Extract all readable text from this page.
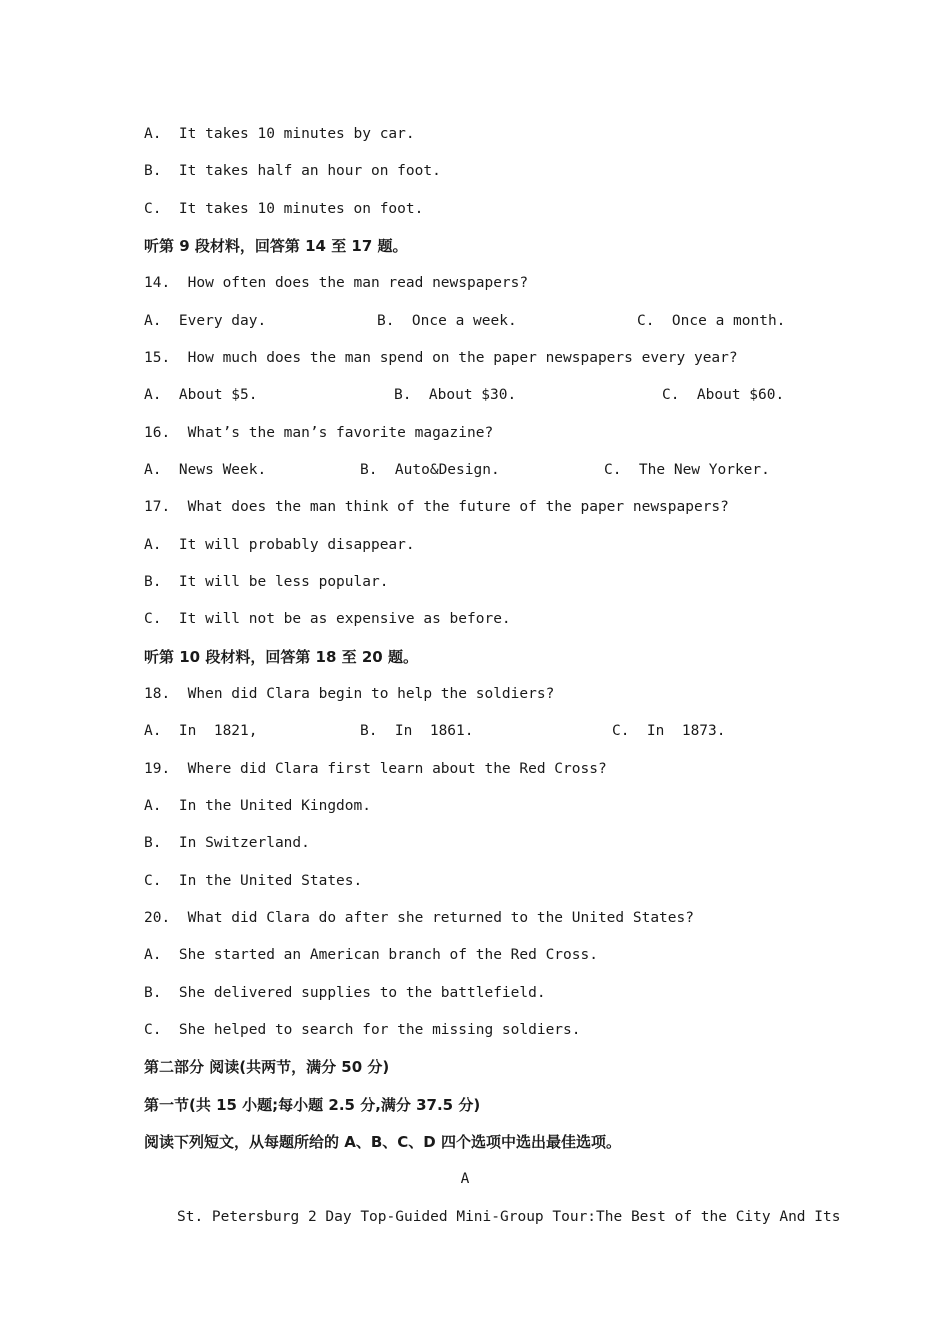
A.  It takes 10 minutes by car.
B.  It takes half an hour on foot.
C.  It takes 10 minutes on foot.
听第 9 段材料，回答第 14 至 17 题。
14.  How often does the man read newspapers?
A.  Every day.	B.  Once a week.	C.  Once a month.
15.  How much does the man spend on the paper newspapers every year?
A.  About $5.	B.  About $30.	C.  About $60.
16.  What’s the man’s favorite magazine?
A.  News Week.	B.  Auto&Design.	C.  The New Yorker.
17.  What does the man think of the future of the paper newspapers?
A.  It will probably disappear.
B.  It will be less popular.
C.  It will not be as expensive as before.
听第 10 段材料，回答第 18 至 20 题。
18.  When did Clara begin to help the soldiers?
A.  In  1821,	B.  In  1861.	C.  In  1873.
19.  Where did Clara first learn about the Red Cross?
A.  In the United Kingdom.
B.  In Switzerland.
C.  In the United States.
20.  What did Clara do after she returned to the United States?
A.  She started an American branch of the Red Cross.
B.  She delivered supplies to the battlefield.
C.  She helped to search for the missing soldiers.
第二部分 阅读(共两节，满分 50 分)
第一节(共 15 小题;每小题 2.5 分,满分 37.5 分)
阅读下列短文，从每题所给的 A、B、C、D 四个选项中选出最佳选项。
A
St. Petersburg 2 Day Top-Guided Mini-Group Tour:The Best of the City And Its
